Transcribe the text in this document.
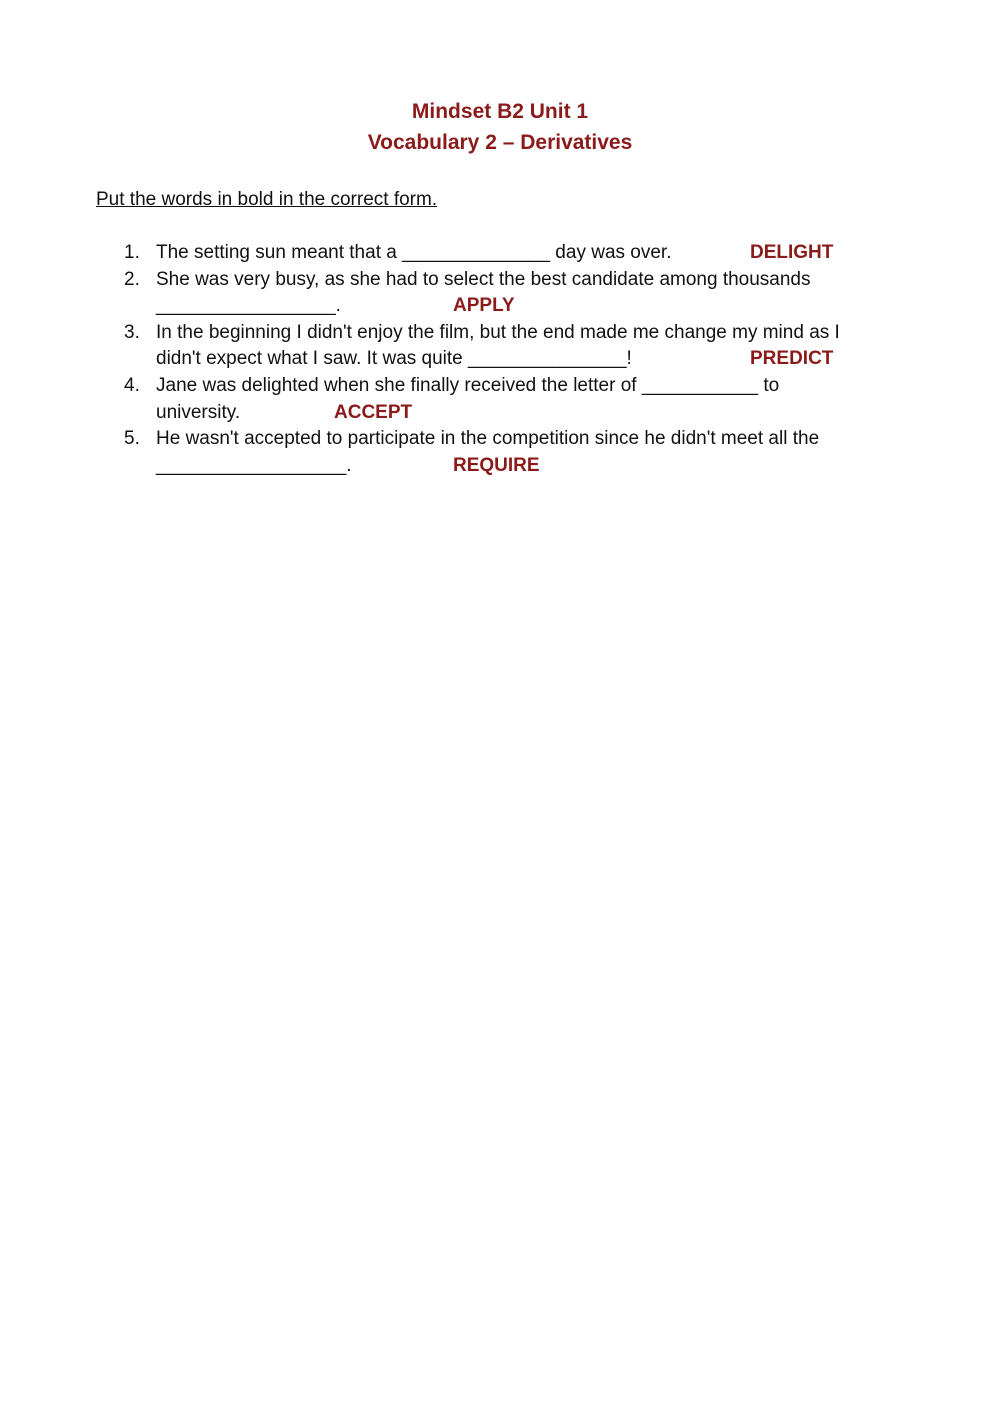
Mindset B2 Unit 1
Vocabulary 2 – Derivatives
Put the words in bold in the correct form.
1. The setting sun meant that a ______________ day was over.	DELIGHT
2. She was very busy, as she had to select the best candidate among thousands
_________________.	APPLY
3. In the beginning I didn't enjoy the film, but the end made me change my mind as I
didn't expect what I saw. It was quite _______________!	PREDICT
4. Jane was delighted when she finally received the letter of ___________ to
university.	ACCEPT
5. He wasn't accepted to participate in the competition since he didn't meet all the
__________________.	REQUIRE
